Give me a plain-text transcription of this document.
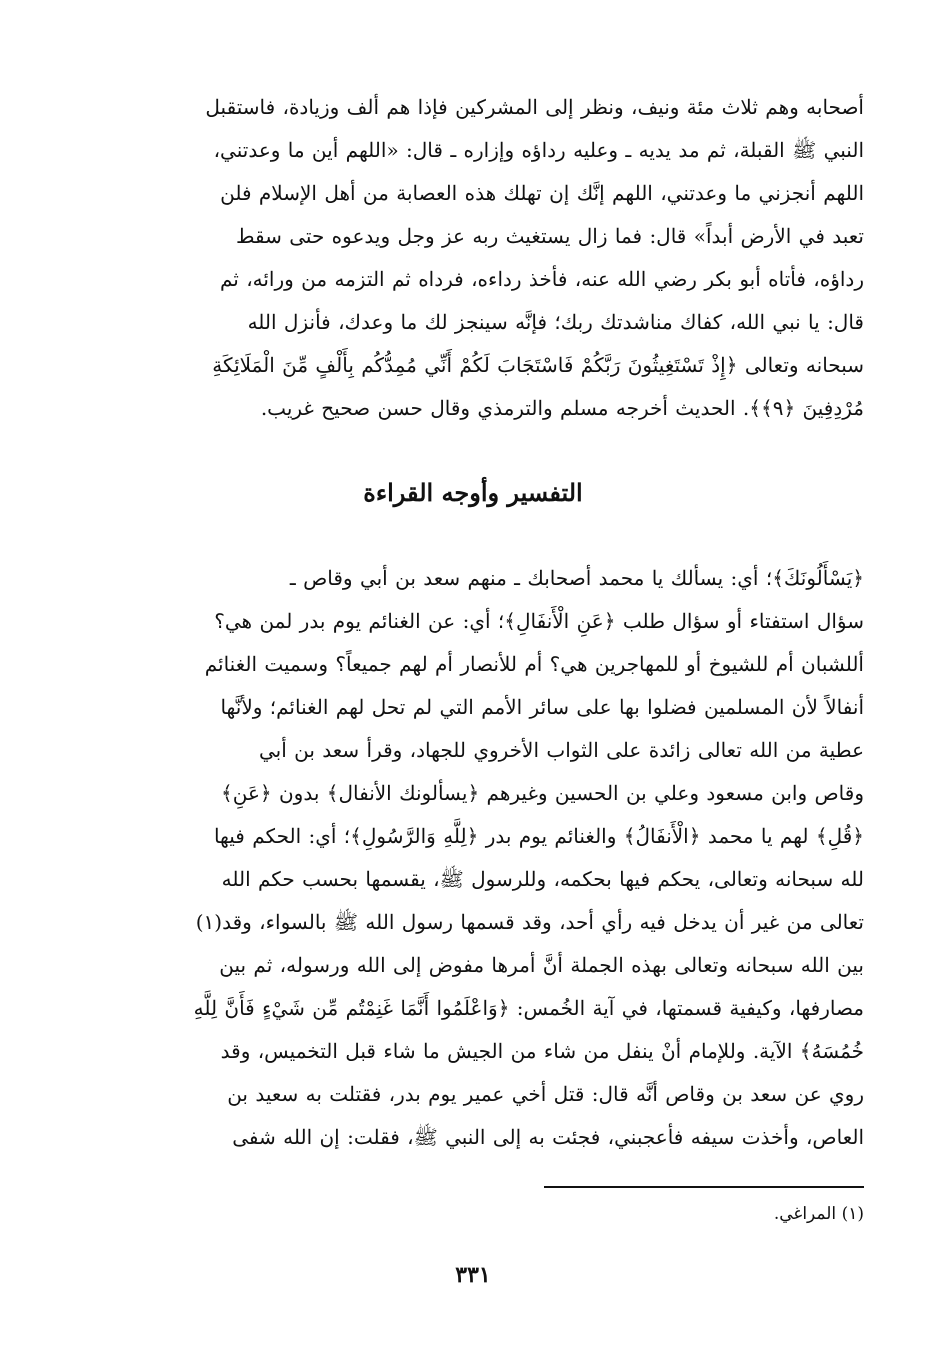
أصحابه وهم ثلاث مئة ونيف، ونظر إلى المشركين فإذا هم ألف وزيادة، فاستقبل
النبي ﷺ القبلة، ثم مد يديه ـ وعليه رداؤه وإزاره ـ قال: «اللهم أين ما وعدتني،
اللهم أنجزني ما وعدتني، اللهم إنَّك إن تهلك هذه العصابة من أهل الإسلام فلن
تعبد في الأرض أبداً» قال: فما زال يستغيث ربه عز وجل ويدعوه حتى سقط
رداؤه، فأتاه أبو بكر رضي الله عنه، فأخذ رداءه، فرداه ثم التزمه من ورائه، ثم
قال: يا نبي الله، كفاك مناشدتك ربك؛ فإنَّه سينجز لك ما وعدك، فأنزل الله
سبحانه وتعالى ﴿إِذْ تَسْتَغِيثُونَ رَبَّكُمْ فَاسْتَجَابَ لَكُمْ أَنِّي مُمِدُّكُم بِأَلْفٍ مِّنَ الْمَلَائِكَةِ
مُرْدِفِينَ ﴿٩﴾﴾. الحديث أخرجه مسلم والترمذي وقال حسن صحيح غريب.
التفسير وأوجه القراءة
﴿يَسْأَلُونَكَ﴾؛ أي: يسألك يا محمد أصحابك ـ منهم سعد بن أبي وقاص ـ
سؤال استفتاء أو سؤال طلب ﴿عَنِ الْأَنفَالِ﴾؛ أي: عن الغنائم يوم بدر لمن هي؟
أللشبان أم للشيوخ أو للمهاجرين هي؟ أم للأنصار أم لهم جميعاً؟ وسميت الغنائم
أنفالاً لأن المسلمين فضلوا بها على سائر الأمم التي لم تحل لهم الغنائم؛ ولأنَّها
عطية من الله تعالى زائدة على الثواب الأخروي للجهاد، وقرأ سعد بن أبي
وقاص وابن مسعود وعلي بن الحسين وغيرهم ﴿يسألونك الأنفال﴾ بدون ﴿عَنِ﴾
﴿قُلِ﴾ لهم يا محمد ﴿الْأَنفَالُ﴾ والغنائم يوم بدر ﴿لِلَّهِ وَالرَّسُولِ﴾؛ أي: الحكم فيها
لله سبحانه وتعالى، يحكم فيها بحكمه، وللرسول ﷺ، يقسمها بحسب حكم الله
تعالى من غير أن يدخل فيه رأي أحد، وقد قسمها رسول الله ﷺ بالسواء، وقد(١)
بين الله سبحانه وتعالى بهذه الجملة أنَّ أمرها مفوض إلى الله ورسوله، ثم بين
مصارفها، وكيفية قسمتها، في آية الخُمس: ﴿وَاعْلَمُوا أَنَّمَا غَنِمْتُم مِّن شَيْءٍ فَأَنَّ لِلَّهِ
خُمُسَهُ﴾ الآية. وللإمام أنْ ينفل من شاء من الجيش ما شاء قبل التخميس، وقد
روي عن سعد بن وقاص أنَّه قال: قتل أخي عمير يوم بدر، فقتلت به سعيد بن
العاص، وأخذت سيفه فأعجبني، فجئت به إلى النبي ﷺ، فقلت: إن الله شفى

(١) المراغي.

٣٣١
